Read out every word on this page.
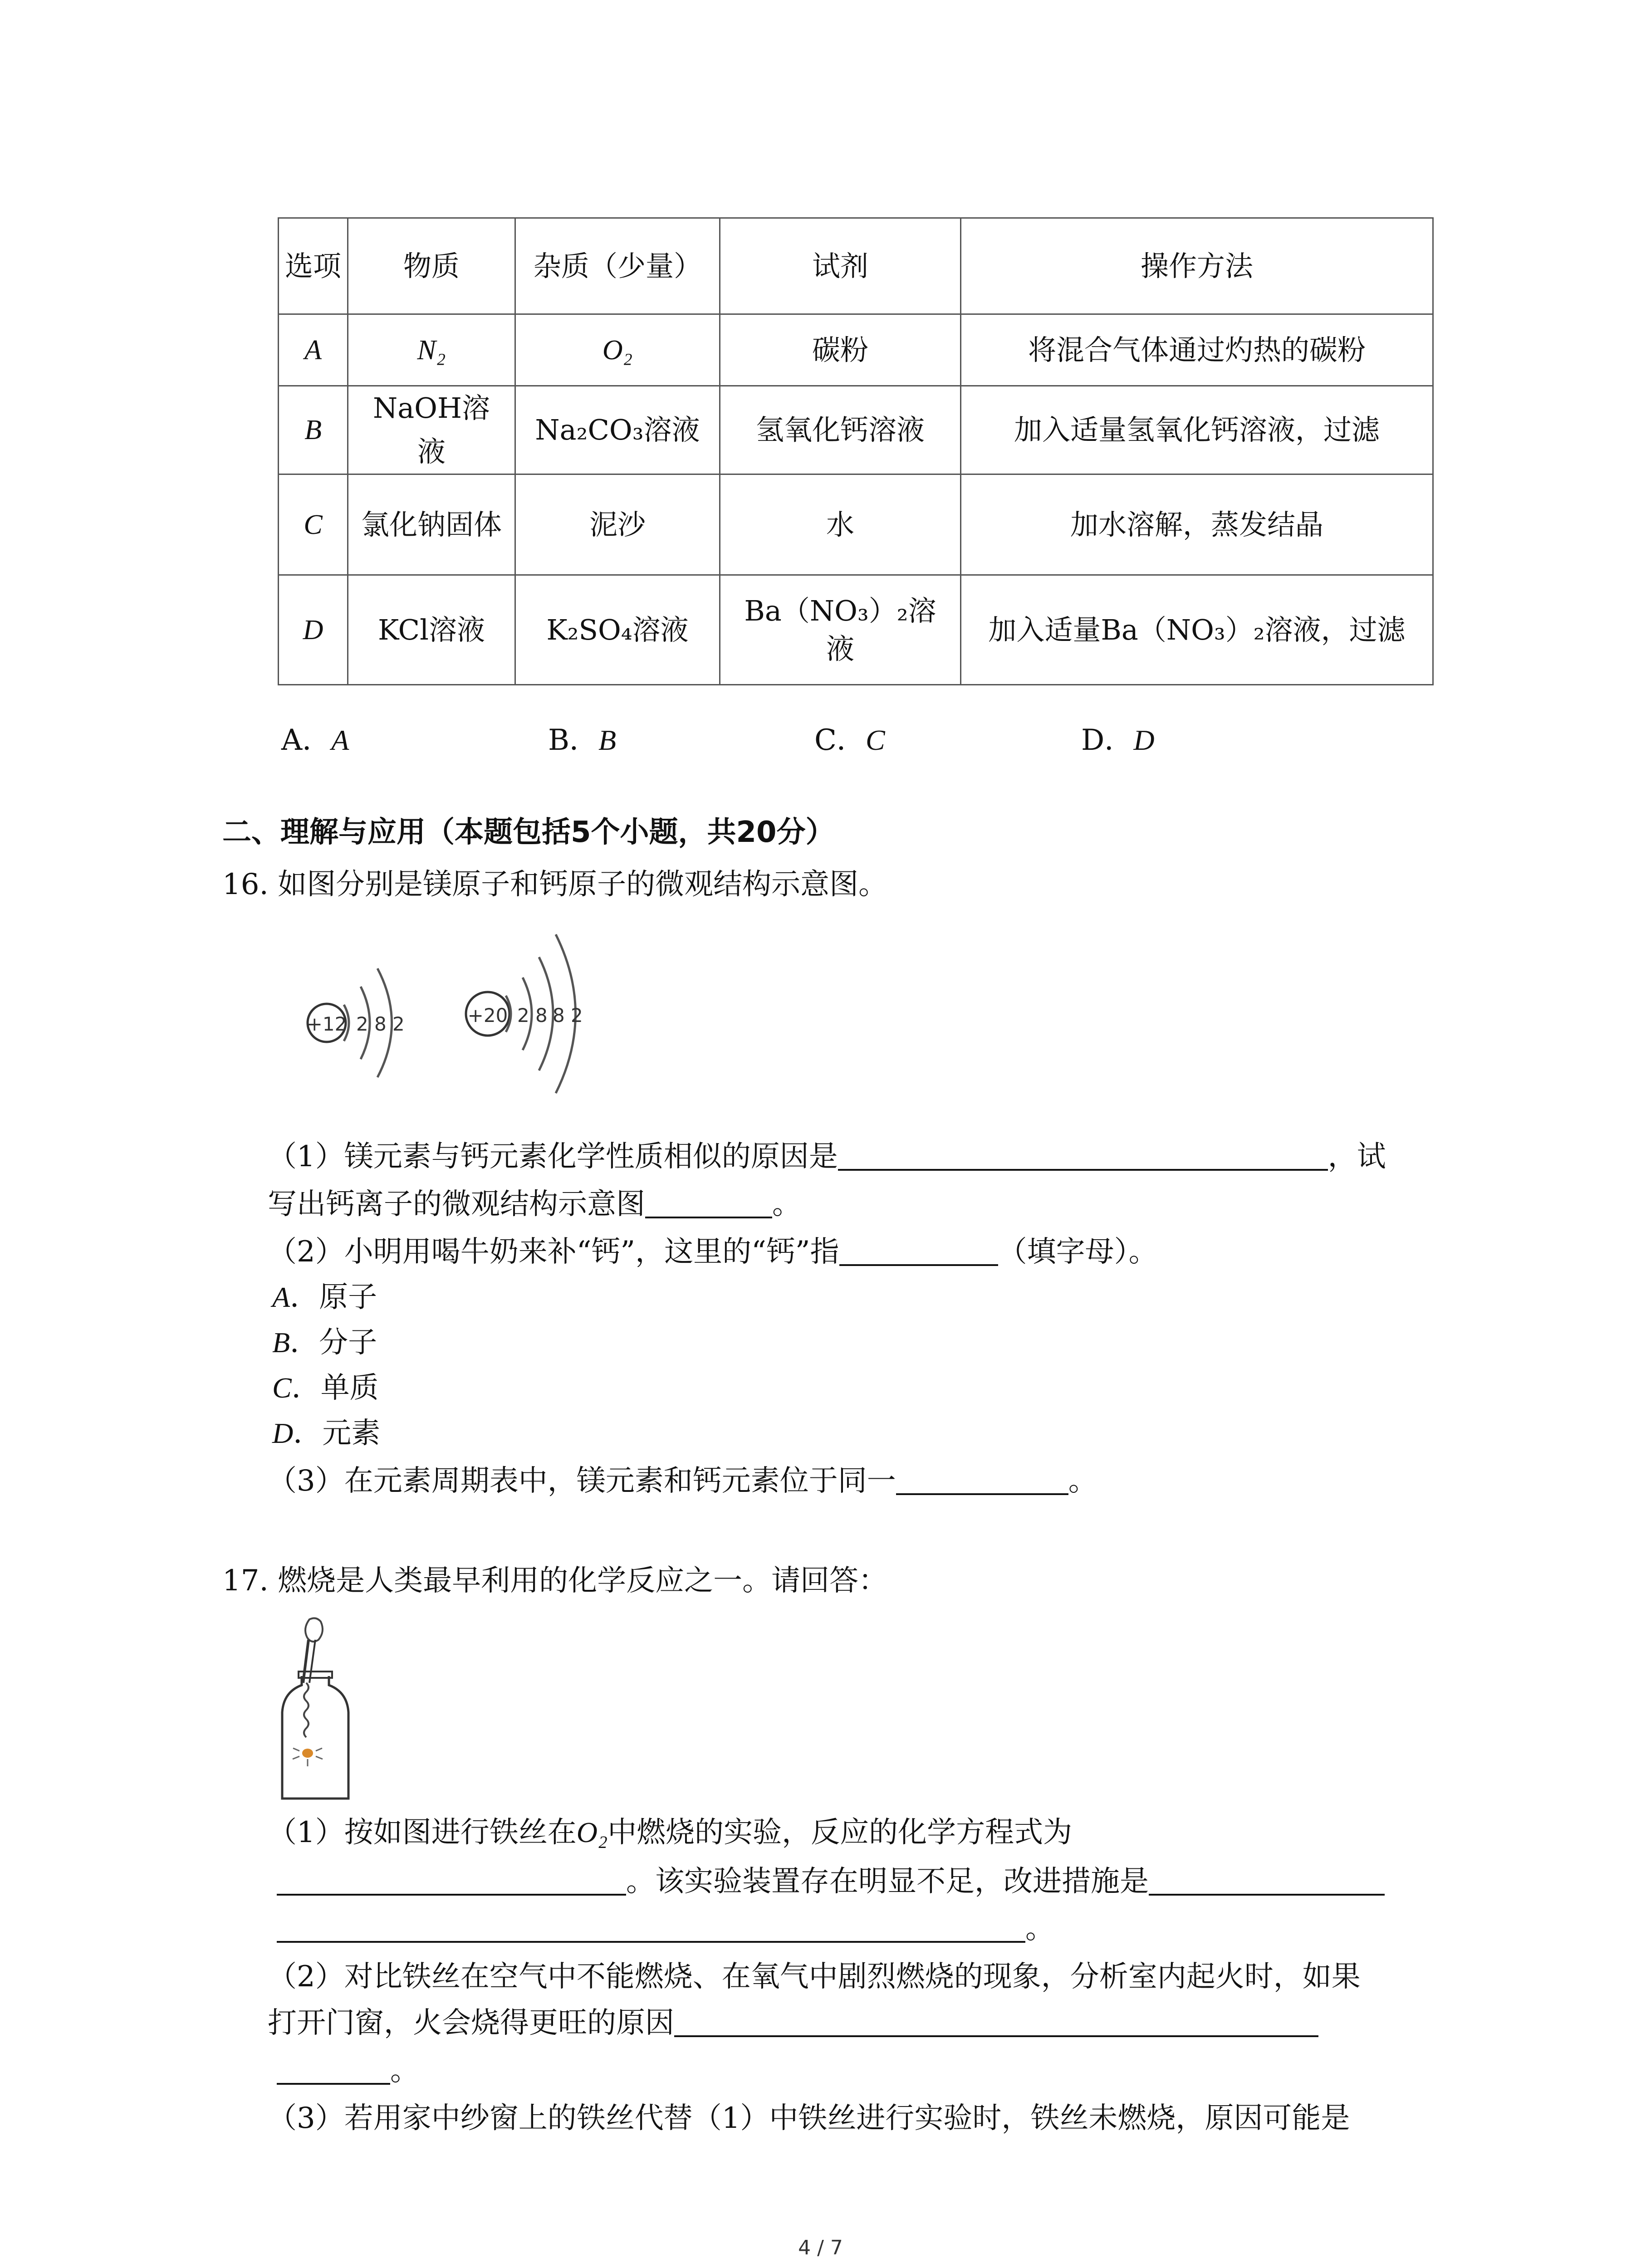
选项	物质	杂质（少量）	试剂	操作方法
A	N₂	O₂	碳粉	将混合气体通过灼热的碳粉
B	NaOH溶液	Na₂CO₃溶液	氢氧化钙溶液	加入适量氢氧化钙溶液，过滤
C	氯化钠固体	泥沙	水	加水溶解，蒸发结晶
D	KCl溶液	K₂SO₄溶液	Ba（NO₃）₂溶液	加入适量Ba（NO₃）₂溶液，过滤
A．A	B．B	C．C	D．D
二、理解与应用（本题包括5个小题，共20分）
16. 如图分别是镁原子和钙原子的微观结构示意图。
+12 2 8 2	+20 2 8 8 2
（1）镁元素与钙元素化学性质相似的原因是	，试
写出钙离子的微观结构示意图	。
（2）小明用喝牛奶来补“钙”，这里的“钙”指	（填字母）。
A．原子
B．分子
C．单质
D．元素
（3）在元素周期表中，镁元素和钙元素位于同一	。
17. 燃烧是人类最早利用的化学反应之一。请回答：
（1）按如图进行铁丝在O₂中燃烧的实验，反应的化学方程式为
。该实验装置存在明显不足，改进措施是
。
（2）对比铁丝在空气中不能燃烧、在氧气中剧烈燃烧的现象，分析室内起火时，如果
打开门窗，火会烧得更旺的原因
。
（3）若用家中纱窗上的铁丝代替（1）中铁丝进行实验时，铁丝未燃烧，原因可能是
4 / 7
